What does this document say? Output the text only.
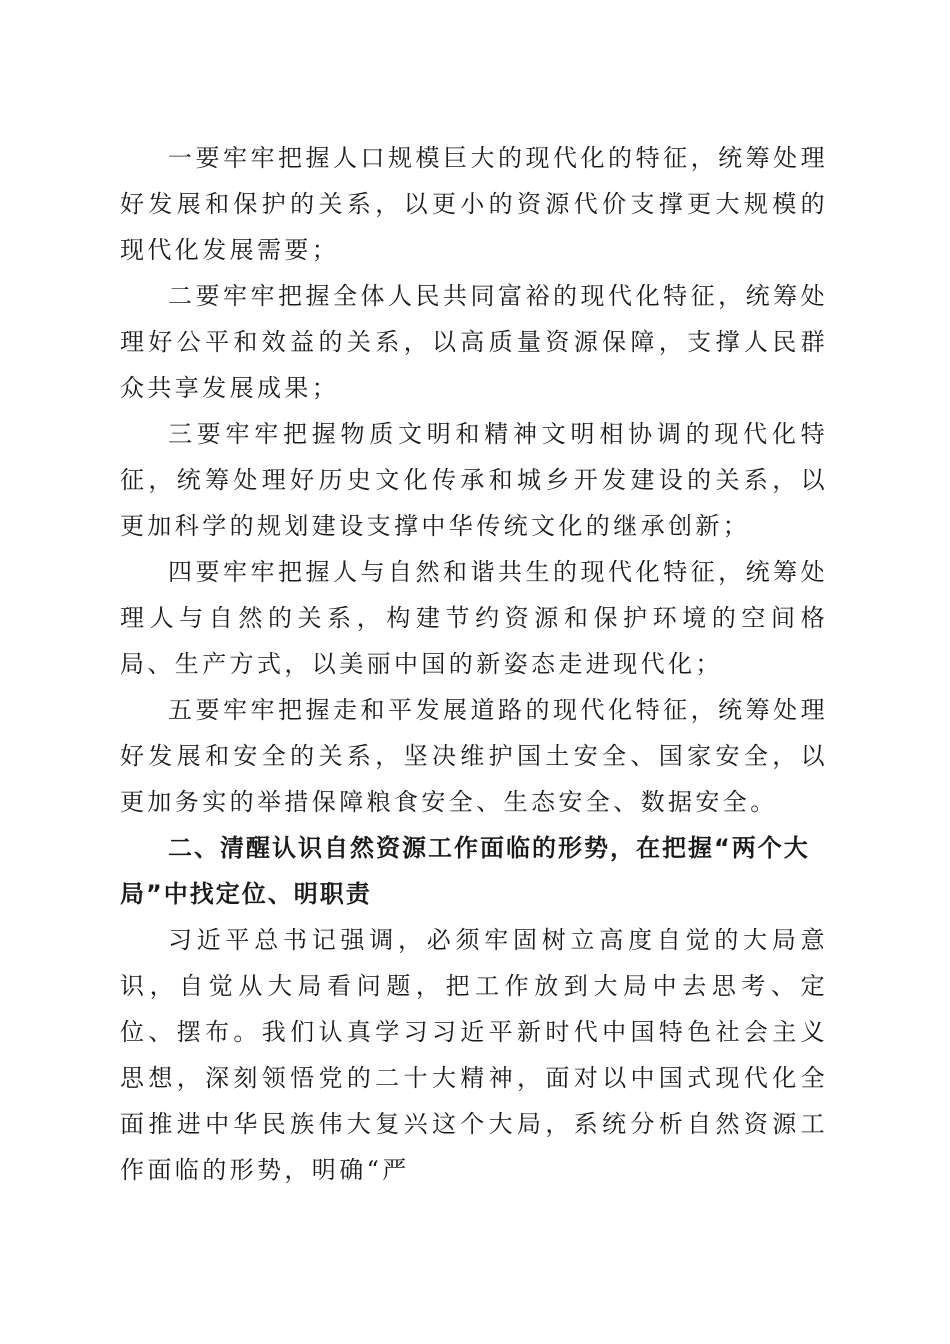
一要牢牢把握人口规模巨大的现代化的特征，统筹处理好发展和保护的关系，以更小的资源代价支撑更大规模的现代化发展需要；

二要牢牢把握全体人民共同富裕的现代化特征，统筹处理好公平和效益的关系，以高质量资源保障，支撑人民群众共享发展成果；

三要牢牢把握物质文明和精神文明相协调的现代化特征，统筹处理好历史文化传承和城乡开发建设的关系，以更加科学的规划建设支撑中华传统文化的继承创新；

四要牢牢把握人与自然和谐共生的现代化特征，统筹处理人与自然的关系，构建节约资源和保护环境的空间格局、生产方式，以美丽中国的新姿态走进现代化；

五要牢牢把握走和平发展道路的现代化特征，统筹处理好发展和安全的关系，坚决维护国土安全、国家安全，以更加务实的举措保障粮食安全、生态安全、数据安全。

二、清醒认识自然资源工作面临的形势，在把握“两个大局”中找定位、明职责

习近平总书记强调，必须牢固树立高度自觉的大局意识，自觉从大局看问题，把工作放到大局中去思考、定位、摆布。我们认真学习习近平新时代中国特色社会主义思想，深刻领悟党的二十大精神，面对以中国式现代化全面推进中华民族伟大复兴这个大局，系统分析自然资源工作面临的形势，明确“严
